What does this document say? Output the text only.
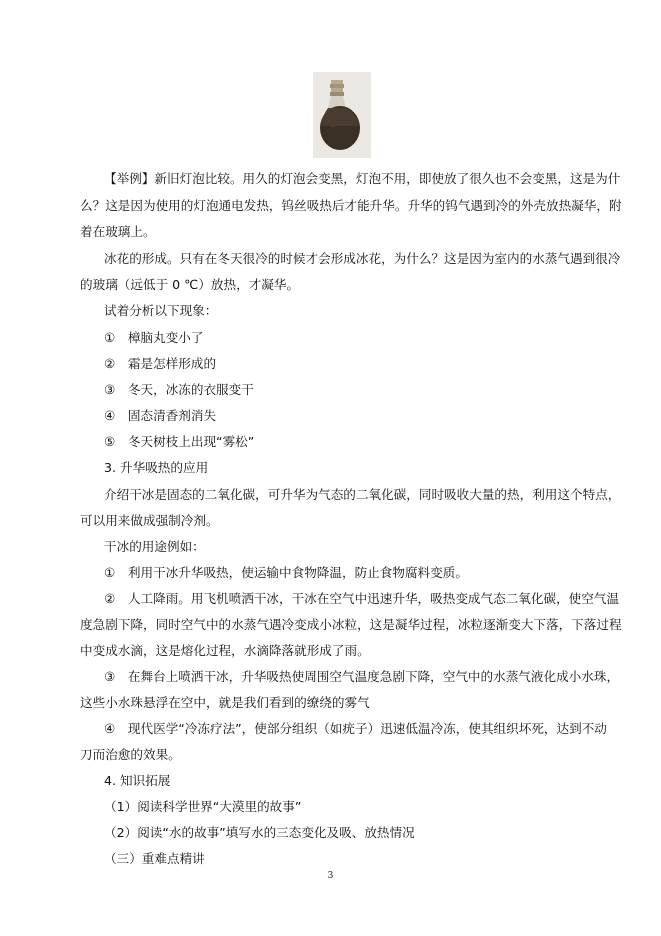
【举例】新旧灯泡比较。用久的灯泡会变黑，灯泡不用，即使放了很久也不会变黑，这是为什
么？这是因为使用的灯泡通电发热，钨丝吸热后才能升华。升华的钨气遇到冷的外壳放热凝华，附
着在玻璃上。
冰花的形成。只有在冬天很冷的时候才会形成冰花，为什么？这是因为室内的水蒸气遇到很冷
的玻璃（远低于 0 ℃）放热，才凝华。
试着分析以下现象：
①　樟脑丸变小了
②　霜是怎样形成的
③　冬天，冰冻的衣服变干
④　固态清香剂消失
⑤　冬天树枝上出现“雾松”
3. 升华吸热的应用
介绍干冰是固态的二氧化碳，可升华为气态的二氧化碳，同时吸收大量的热，利用这个特点，
可以用来做成强制冷剂。
干冰的用途例如：
①　利用干冰升华吸热，使运输中食物降温，防止食物腐料变质。
②　人工降雨。用飞机喷洒干冰，干冰在空气中迅速升华，吸热变成气态二氧化碳，使空气温
度急剧下降，同时空气中的水蒸气遇冷变成小冰粒，这是凝华过程，冰粒逐渐变大下落，下落过程
中变成水滴，这是熔化过程，水滴降落就形成了雨。
③　在舞台上喷洒干冰，升华吸热使周围空气温度急剧下降，空气中的水蒸气液化成小水珠，
这些小水珠悬浮在空中，就是我们看到的缭绕的雾气
④　现代医学“冷冻疗法”，使部分组织（如疣子）迅速低温冷冻，使其组织坏死，达到不动
刀而治愈的效果。
4. 知识拓展
（1）阅读科学世界“大漠里的故事”
（2）阅读“水的故事”填写水的三态变化及吸、放热情况
（三）重难点精讲
3
